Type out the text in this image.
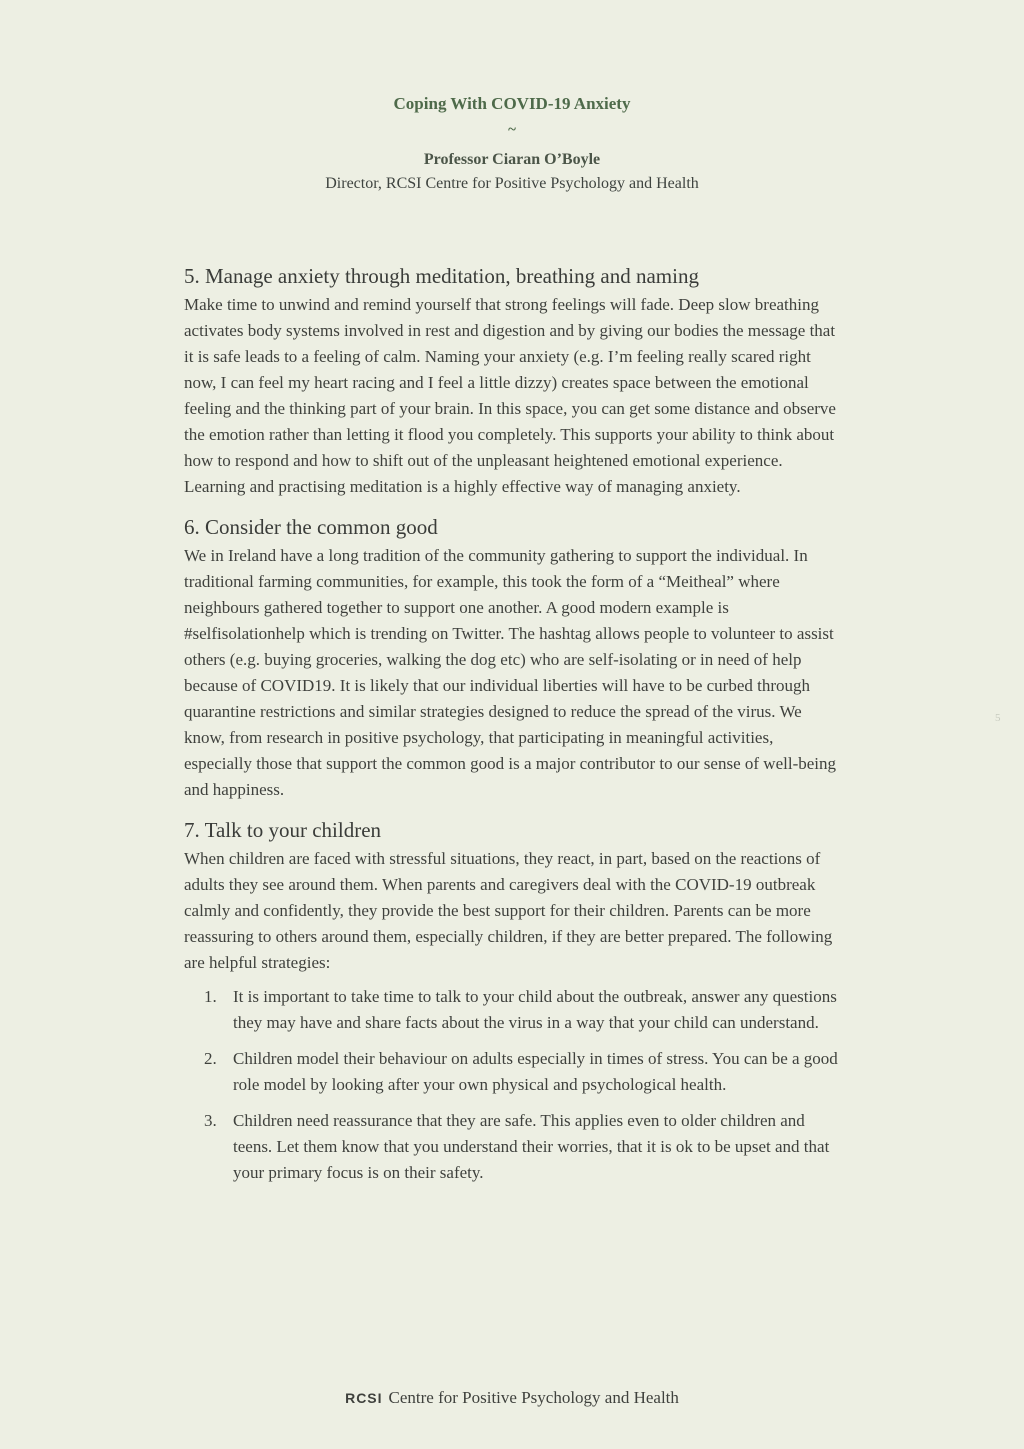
Coping With COVID-19 Anxiety
~
Professor Ciaran O’Boyle
Director, RCSI Centre for Positive Psychology and Health
5. Manage anxiety through meditation, breathing and naming

Make time to unwind and remind yourself that strong feelings will fade. Deep slow breathing activates body systems involved in rest and digestion and by giving our bodies the message that it is safe leads to a feeling of calm. Naming your anxiety (e.g. I’m feeling really scared right now, I can feel my heart racing and I feel a little dizzy) creates space between the emotional feeling and the thinking part of your brain. In this space, you can get some distance and observe the emotion rather than letting it flood you completely. This supports your ability to think about how to respond and how to shift out of the unpleasant heightened emotional experience. Learning and practising meditation is a highly effective way of managing anxiety.

6. Consider the common good

We in Ireland have a long tradition of the community gathering to support the individual. In traditional farming communities, for example, this took the form of a “Meitheal” where neighbours gathered together to support one another. A good modern example is #selfisolationhelp which is trending on Twitter. The hashtag allows people to volunteer to assist others (e.g. buying groceries, walking the dog etc) who are self-isolating or in need of help because of COVID19. It is likely that our individual liberties will have to be curbed through quarantine restrictions and similar strategies designed to reduce the spread of the virus. We know, from research in positive psychology, that participating in meaningful activities, especially those that support the common good is a major contributor to our sense of well-being and happiness.

7. Talk to your children

When children are faced with stressful situations, they react, in part, based on the reactions of adults they see around them. When parents and caregivers deal with the COVID-19 outbreak calmly and confidently, they provide the best support for their children. Parents can be more reassuring to others around them, especially children, if they are better prepared. The following are helpful strategies:

1. It is important to take time to talk to your child about the outbreak, answer any questions they may have and share facts about the virus in a way that your child can understand.
2. Children model their behaviour on adults especially in times of stress. You can be a good role model by looking after your own physical and psychological health.
3. Children need reassurance that they are safe. This applies even to older children and teens. Let them know that you understand their worries, that it is ok to be upset and that your primary focus is on their safety.
5
RCSI Centre for Positive Psychology and Health
